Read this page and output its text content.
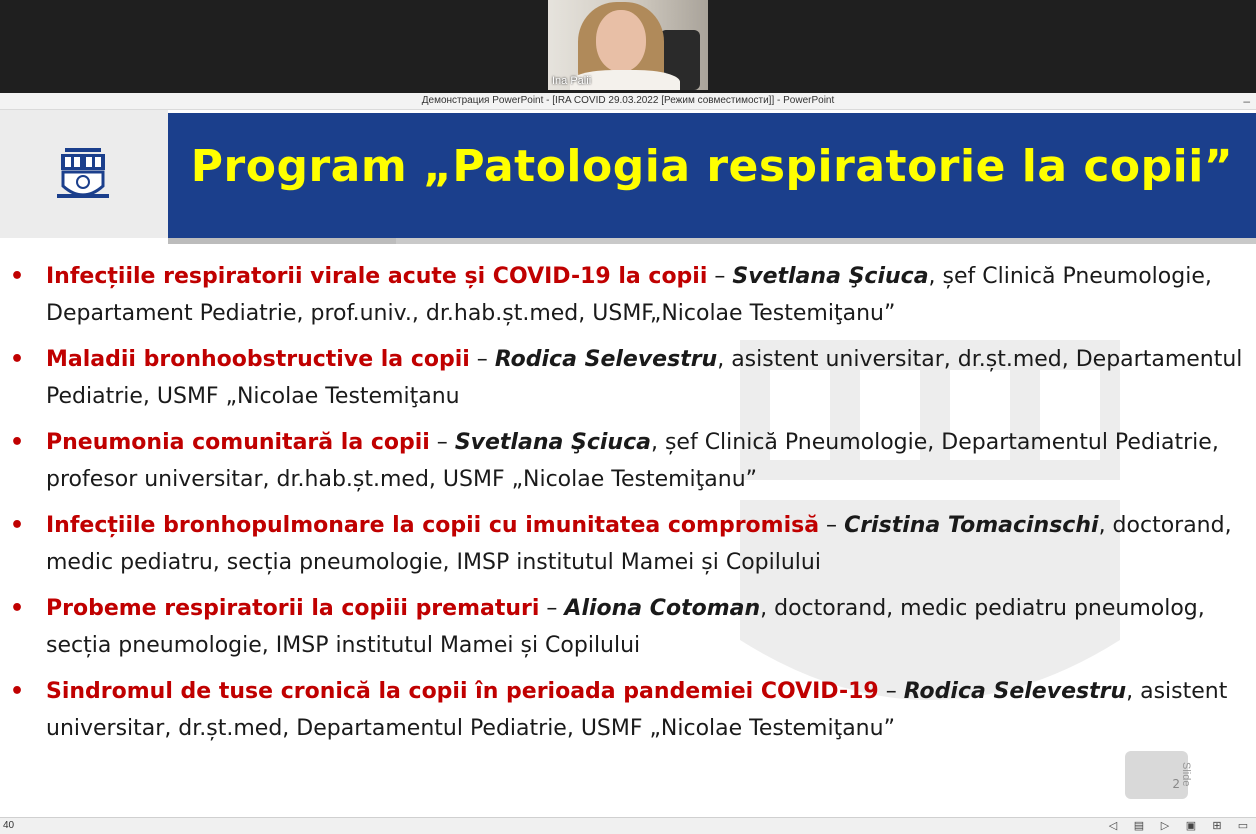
Ina Palii
Демонстрация PowerPoint - [IRA COVID 29.03.2022 [Режим совместимости]] - PowerPoint	–
Program „Patologia respiratorie la copii”
• Infecțiile respiratorii virale acute și COVID-19 la copii – Svetlana Şciuca, șef Clinică Pneumologie, Departament Pediatrie, prof.univ., dr.hab.șt.med, USMF„Nicolae Testemiţanu”
• Maladii bronhoobstructive la copii – Rodica Selevestru, asistent universitar, dr.șt.med, Departamentul Pediatrie, USMF „Nicolae Testemiţanu
• Pneumonia comunitară la copii – Svetlana Şciuca, șef Clinică Pneumologie, Departamentul Pediatrie, profesor universitar, dr.hab.șt.med, USMF „Nicolae Testemiţanu”
• Infecțiile bronhopulmonare la copii cu imunitatea compromisă – Cristina Tomacinschi, doctorand, medic pediatru, secția pneumologie, IMSP institutul Mamei și Copilului
• Probeme respiratorii la copiii prematuri – Aliona Cotoman, doctorand, medic pediatru pneumolog, secția pneumologie, IMSP institutul Mamei și Copilului
• Sindromul de tuse cronică la copii în perioada pandemiei COVID-19 – Rodica Selevestru, asistent universitar, dr.șt.med, Departamentul Pediatrie, USMF „Nicolae Testemiţanu”
2 Slide
40	◁ ▤ ▷ ▣ ⊞ ▭
